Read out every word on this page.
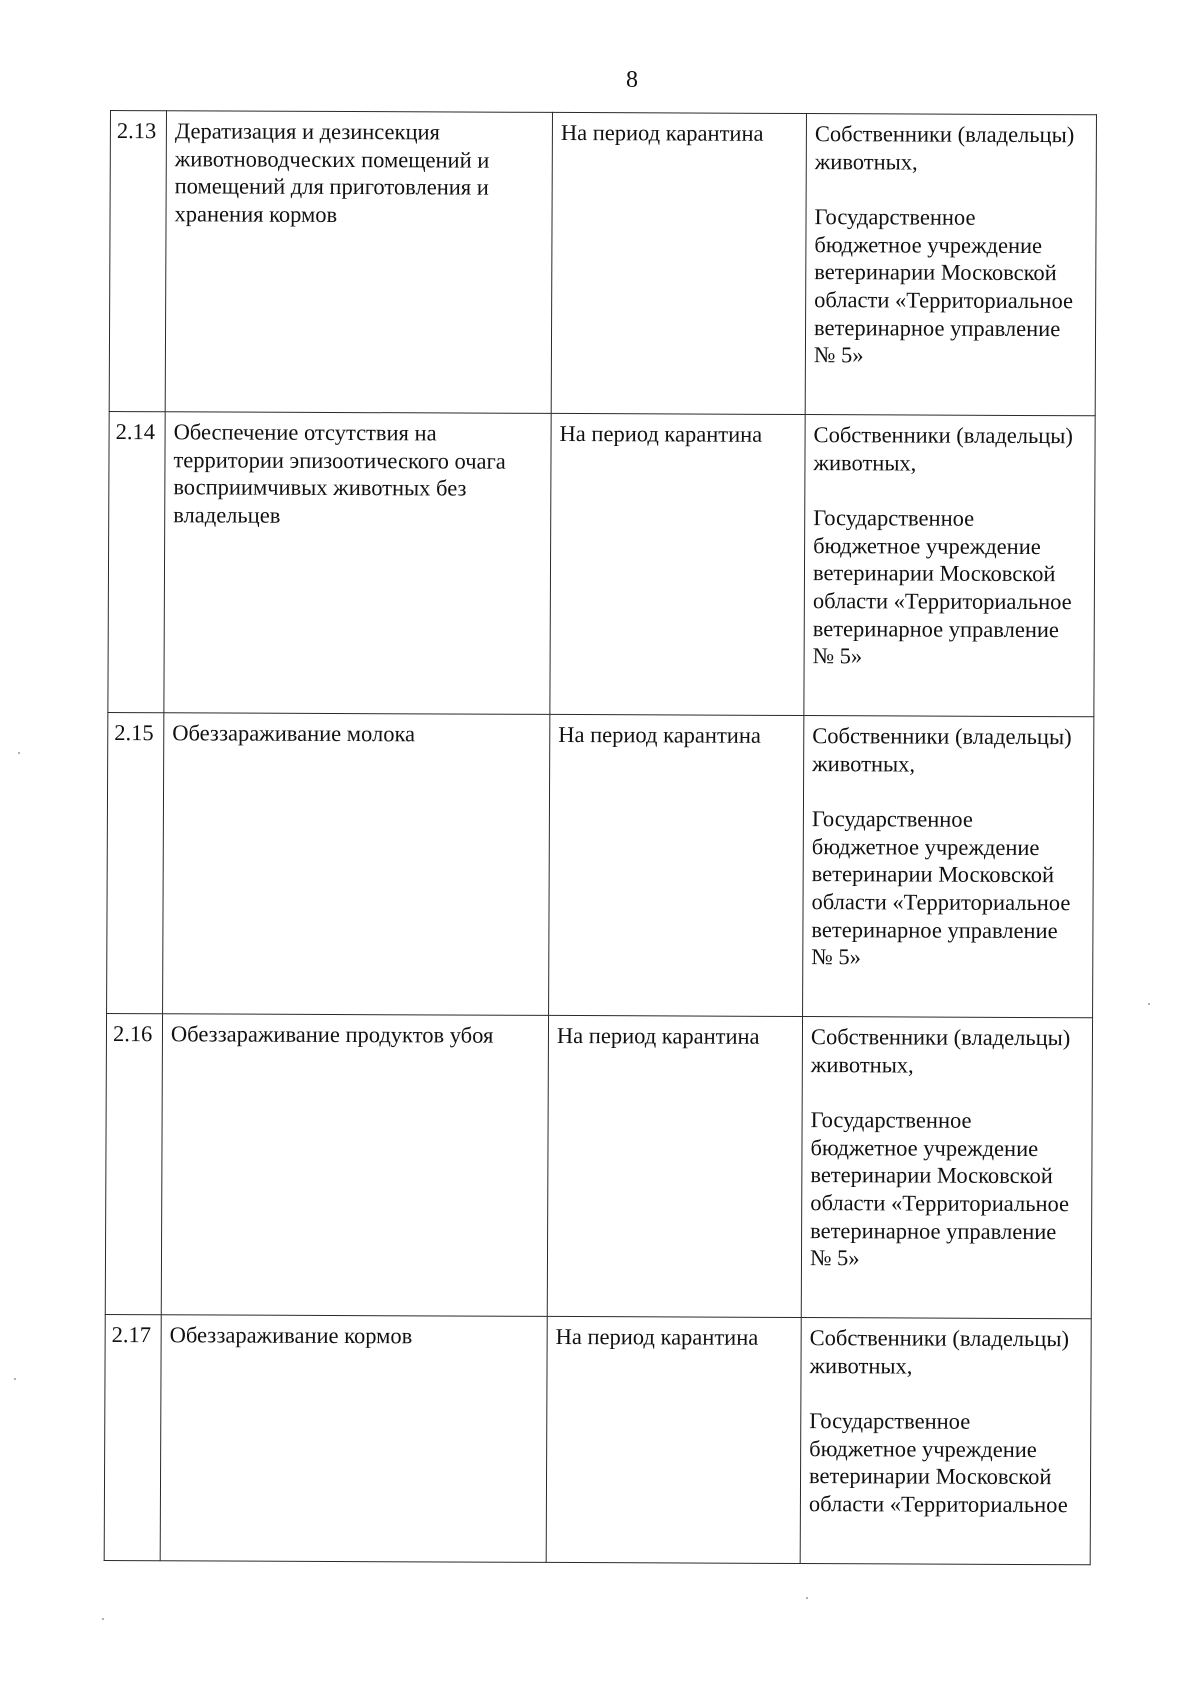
8
2.13	Дератизация и дезинсекция животноводческих помещений и помещений для приготовления и хранения кормов	На период карантина	Собственники (владельцы) животных,
Государственное бюджетное учреждение ветеринарии Московской области «Территориальное ветеринарное управление № 5»

2.14	Обеспечение отсутствия на территории эпизоотического очага восприимчивых животных без владельцев	На период карантина	Собственники (владельцы) животных,
Государственное бюджетное учреждение ветеринарии Московской области «Территориальное ветеринарное управление № 5»

2.15	Обеззараживание молока	На период карантина	Собственники (владельцы) животных,
Государственное бюджетное учреждение ветеринарии Московской области «Территориальное ветеринарное управление № 5»

2.16	Обеззараживание продуктов убоя	На период карантина	Собственники (владельцы) животных,
Государственное бюджетное учреждение ветеринарии Московской области «Территориальное ветеринарное управление № 5»

2.17	Обеззараживание кормов	На период карантина	Собственники (владельцы) животных,
Государственное бюджетное учреждение ветеринарии Московской области «Территориальное
